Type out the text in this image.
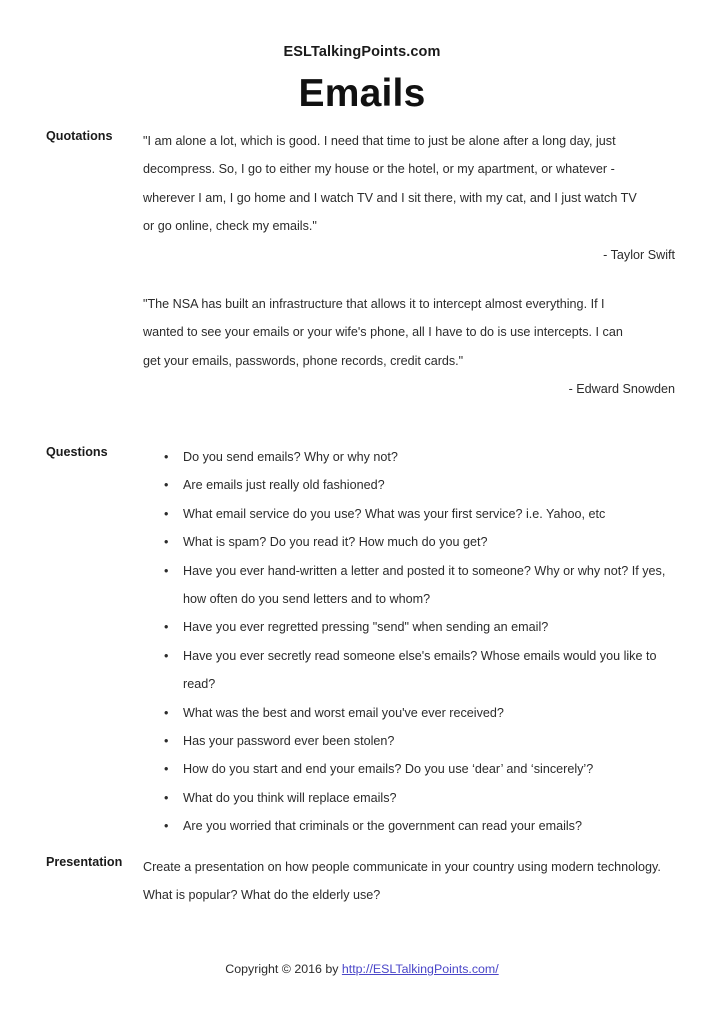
ESLTalkingPoints.com
Emails
Quotations	"I am alone a lot, which is good. I need that time to just be alone after a long day, just decompress. So, I go to either my house or the hotel, or my apartment, or whatever - wherever I am, I go home and I watch TV and I sit there, with my cat, and I just watch TV or go online, check my emails."
- Taylor Swift
"The NSA has built an infrastructure that allows it to intercept almost everything. If I wanted to see your emails or your wife's phone, all I have to do is use intercepts. I can get your emails, passwords, phone records, credit cards."
- Edward Snowden
Questions	• Do you send emails? Why or why not?
• Are emails just really old fashioned?
• What email service do you use? What was your first service? i.e. Yahoo, etc
• What is spam? Do you read it? How much do you get?
• Have you ever hand-written a letter and posted it to someone? Why or why not? If yes, how often do you send letters and to whom?
• Have you ever regretted pressing "send" when sending an email?
• Have you ever secretly read someone else's emails? Whose emails would you like to read?
• What was the best and worst email you've ever received?
• Has your password ever been stolen?
• How do you start and end your emails? Do you use ‘dear’ and ‘sincerely’?
• What do you think will replace emails?
• Are you worried that criminals or the government can read your emails?
Presentation	Create a presentation on how people communicate in your country using modern technology. What is popular? What do the elderly use?
Copyright © 2016 by http://ESLTalkingPoints.com/
